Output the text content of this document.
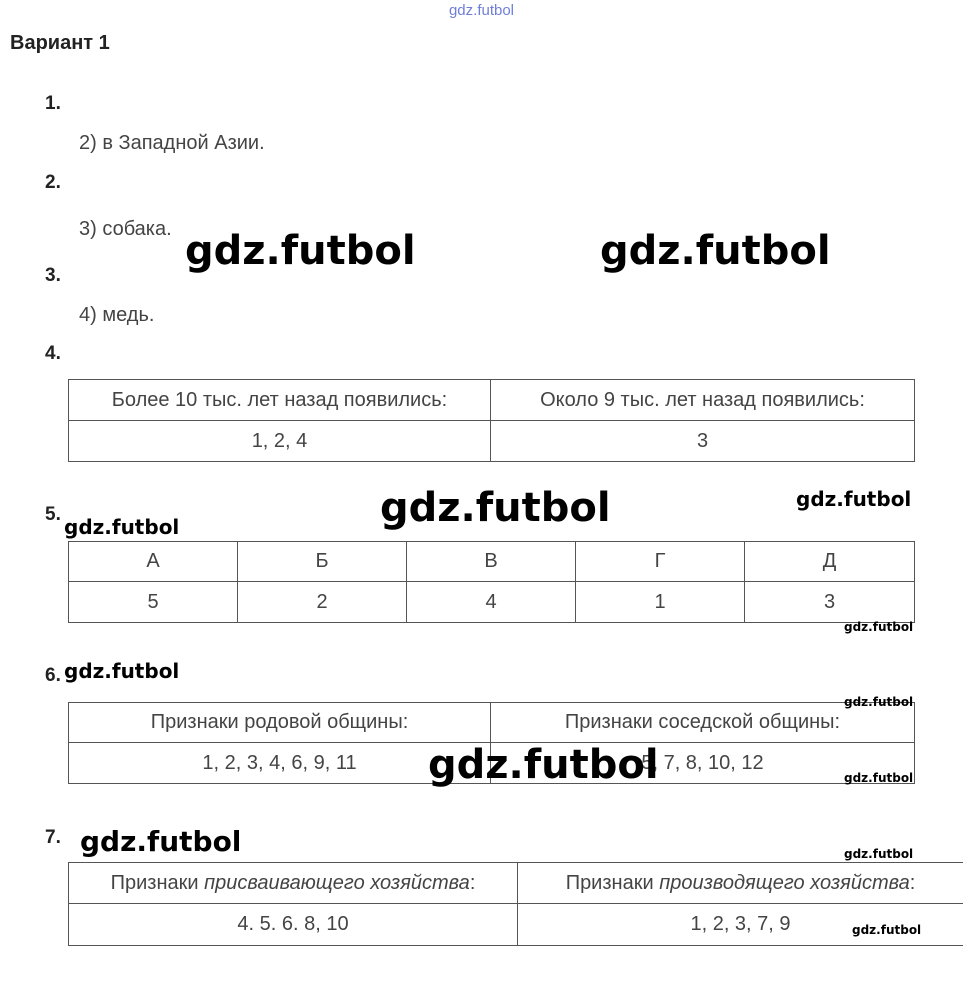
gdz.futbol
Вариант 1
1.
2) в Западной Азии.
2.
3) собака.
3.
4) медь.
4.
Более 10 тыс. лет назад появились:	Около 9 тыс. лет назад появились:
1, 2, 4	3
5.
А	Б	В	Г	Д
5	2	4	1	3
6.
Признаки родовой общины:	Признаки соседской общины:
1, 2, 3, 4, 6, 9, 11	5, 7, 8, 10, 12
7.
Признаки присваивающего хозяйства:	Признаки производящего хозяйства:
4. 5. 6. 8, 10	1, 2, 3, 7, 9
gdz.futbol	gdz.futbol
gdz.futbol	gdz.futbol
gdz.futbol
gdz.futbol
gdz.futbol
gdz.futbol
gdz.futbol	gdz.futbol
gdz.futbol	gdz.futbol
gdz.futbol
